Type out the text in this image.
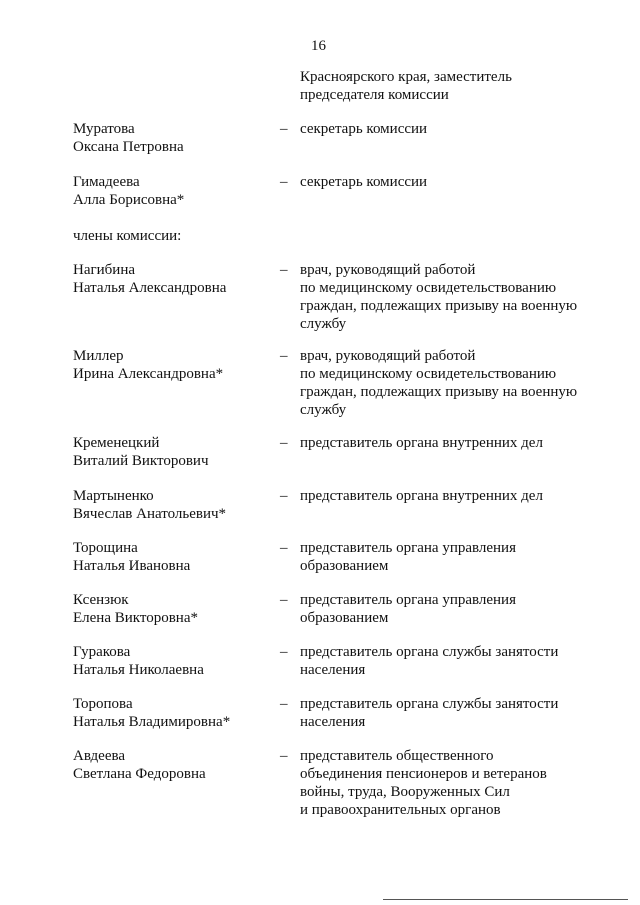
16
Красноярского края, заместитель
председателя комиссии
Муратова
Оксана Петровна
– секретарь комиссии
Гимадеева
Алла Борисовна*
– секретарь комиссии
члены комиссии:
Нагибина
Наталья Александровна
– врач, руководящий работой
по медицинскому освидетельствованию
граждан, подлежащих призыву на военную
службу
Миллер
Ирина Александровна*
– врач, руководящий работой
по медицинскому освидетельствованию
граждан, подлежащих призыву на военную
службу
Кременецкий
Виталий Викторович
– представитель органа внутренних дел
Мартыненко
Вячеслав Анатольевич*
– представитель органа внутренних дел
Торощина
Наталья Ивановна
– представитель органа управления
образованием
Ксензюк
Елена Викторовна*
– представитель органа управления
образованием
Гуракова
Наталья Николаевна
– представитель органа службы занятости
населения
Торопова
Наталья Владимировна*
– представитель органа службы занятости
населения
Авдеева
Светлана Федоровна
– представитель общественного
объединения пенсионеров и ветеранов
войны, труда, Вооруженных Сил
и правоохранительных органов
